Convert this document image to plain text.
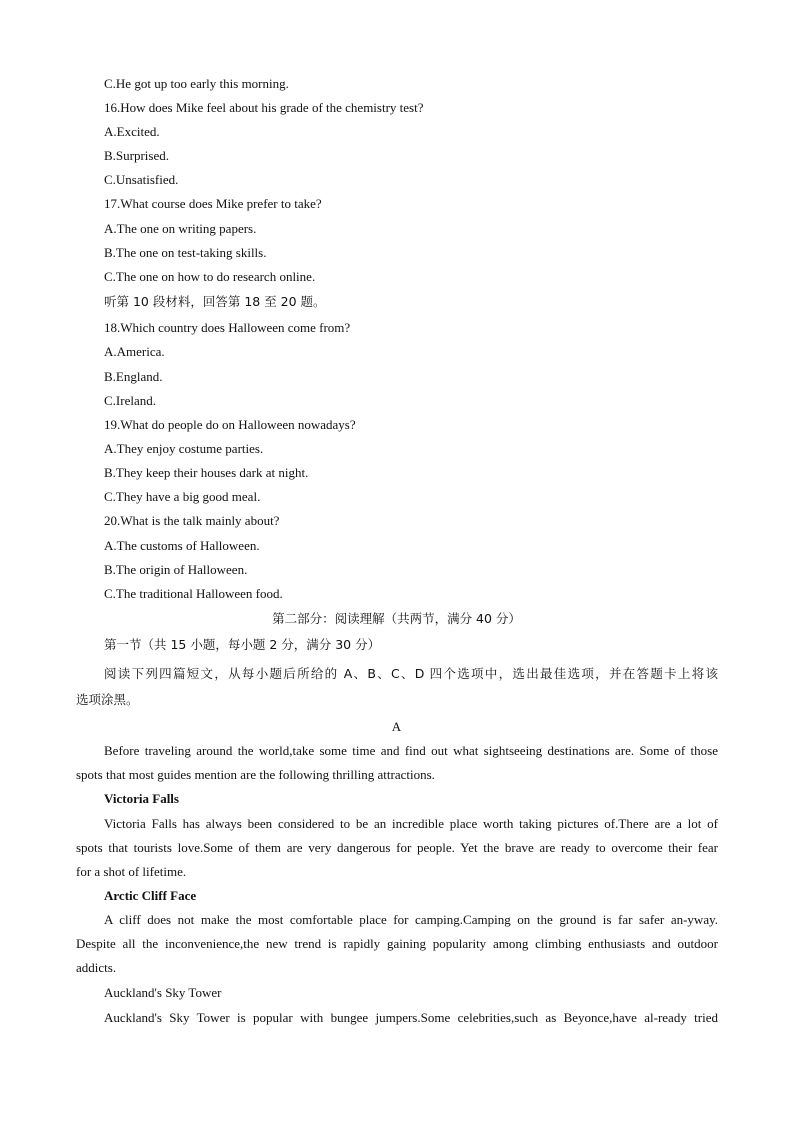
C.He got up too early this morning.
16.How does Mike feel about his grade of the chemistry test?
A.Excited.
B.Surprised.
C.Unsatisfied.
17.What course does Mike prefer to take?
A.The one on writing papers.
B.The one on test-taking skills.
C.The one on how to do research online.
听第 10 段材料，回答第 18 至 20 题。
18.Which country does Halloween come from?
A.America.
B.England.
C.Ireland.
19.What do people do on Halloween nowadays?
A.They enjoy costume parties.
B.They keep their houses dark at night.
C.They have a big good meal.
20.What is the talk mainly about?
A.The customs of Halloween.
B.The origin of Halloween.
C.The traditional Halloween food.
第二部分：阅读理解（共两节，满分 40 分）
第一节（共 15 小题，每小题 2 分，满分 30 分）
阅读下列四篇短文，从每小题后所给的 A、B、C、D 四个选项中，选出最佳选项，并在答题卡上将该
选项涂黑。
A
Before traveling around the world,take some time and find out what sightseeing destinations are. Some of those
spots that most guides mention are the following thrilling attractions.
Victoria Falls
Victoria Falls has always been considered to be an incredible place worth taking pictures of.There are a lot of
spots that tourists love.Some of them are very dangerous for people. Yet the brave are ready to overcome their fear
for a shot of lifetime.
Arctic Cliff Face
A cliff does not make the most comfortable place for camping.Camping on the ground is far safer an-yway.
Despite all the inconvenience,the new trend is rapidly gaining popularity among climbing enthusiasts and outdoor
addicts.
Auckland's Sky Tower
Auckland's Sky Tower is popular with bungee jumpers.Some celebrities,such as Beyonce,have al-ready tried
